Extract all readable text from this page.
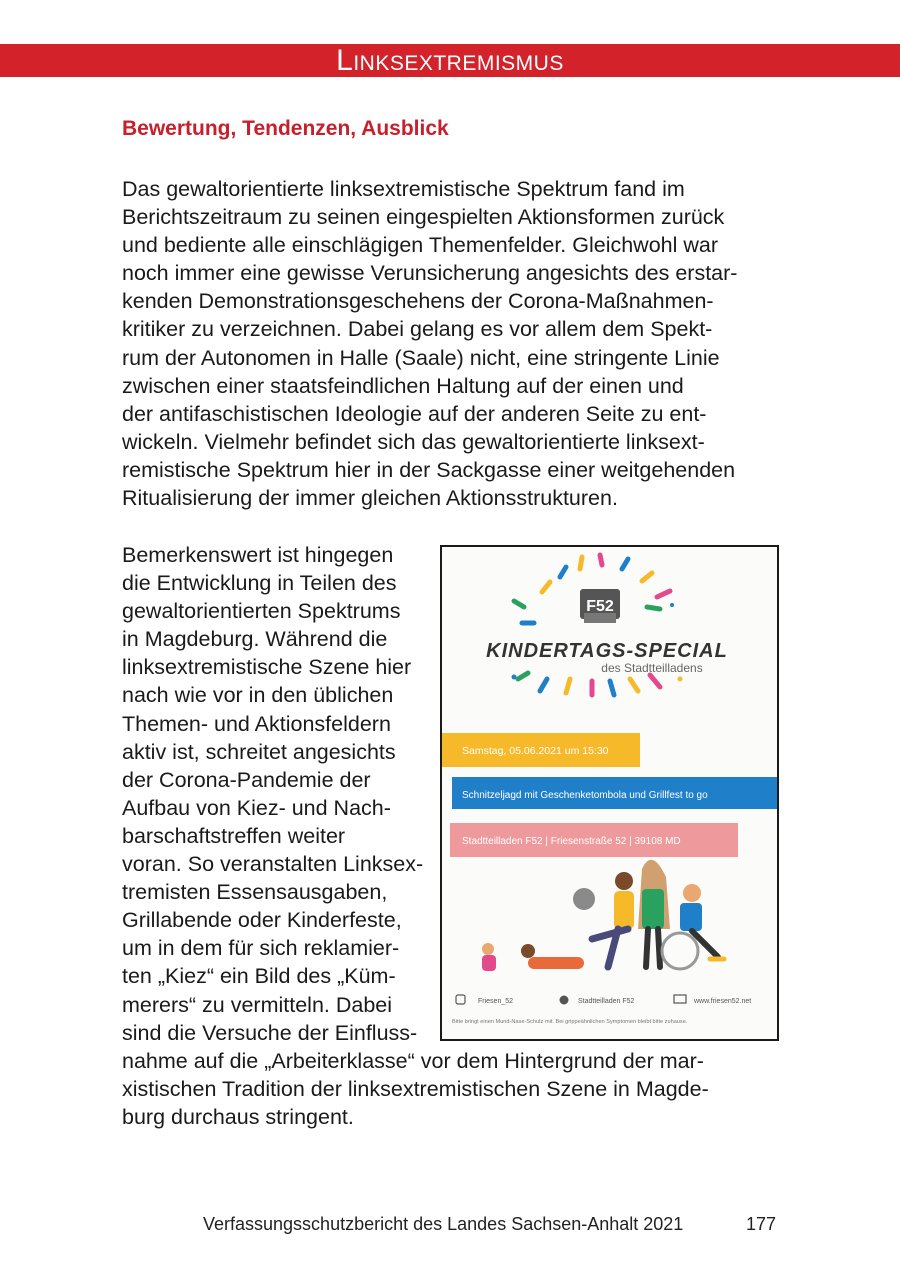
Linksextremismus
Bewertung, Tendenzen, Ausblick

Das gewaltorientierte linksextremistische Spektrum fand im
Berichtszeitraum zu seinen eingespielten Aktionsformen zurück
und bediente alle einschlägigen Themenfelder. Gleichwohl war
noch immer eine gewisse Verunsicherung angesichts des erstar-
kenden Demonstrationsgeschehens der Corona-Maßnahmen-
kritiker zu verzeichnen. Dabei gelang es vor allem dem Spekt-
rum der Autonomen in Halle (Saale) nicht, eine stringente Linie
zwischen einer staatsfeindlichen Haltung auf der einen und
der antifaschistischen Ideologie auf der anderen Seite zu ent-
wickeln. Vielmehr befindet sich das gewaltorientierte linksext-
remistische Spektrum hier in der Sackgasse einer weitgehenden
Ritualisierung der immer gleichen Aktionsstrukturen.

Bemerkenswert ist hingegen
die Entwicklung in Teilen des
gewaltorientierten Spektrums
in Magdeburg. Während die
linksextremistische Szene hier
nach wie vor in den üblichen
Themen- und Aktionsfeldern
aktiv ist, schreitet angesichts
der Corona-Pandemie der
Aufbau von Kiez- und Nach-
barschaftstreffen weiter
voran. So veranstalten Linksex-
tremisten Essensausgaben,
Grillabende oder Kinderfeste,
um in dem für sich reklamier-
ten „Kiez“ ein Bild des „Küm-
merers“ zu vermitteln. Dabei
sind die Versuche der Einfluss-
nahme auf die „Arbeiterklasse“ vor dem Hintergrund der mar-
xistischen Tradition der linksextremistischen Szene in Magde-
burg durchaus stringent.

F52
KINDERTAGS-SPECIAL
des Stadtteilladens
Samstag, 05.06.2021 um 15:30
Schnitzeljagd mit Geschenketombola und Grillfest to go
Stadtteilladen F52 | Friesenstraße 52 | 39108 MD
Friesen_52	Stadtteilladen F52	www.friesen52.net
Bitte bringt einen Mund-Nase-Schutz mit. Bei grippeähnlichen Symptomen bleibt bitte zuhause.
Verfassungsschutzbericht des Landes Sachsen-Anhalt 2021	177
